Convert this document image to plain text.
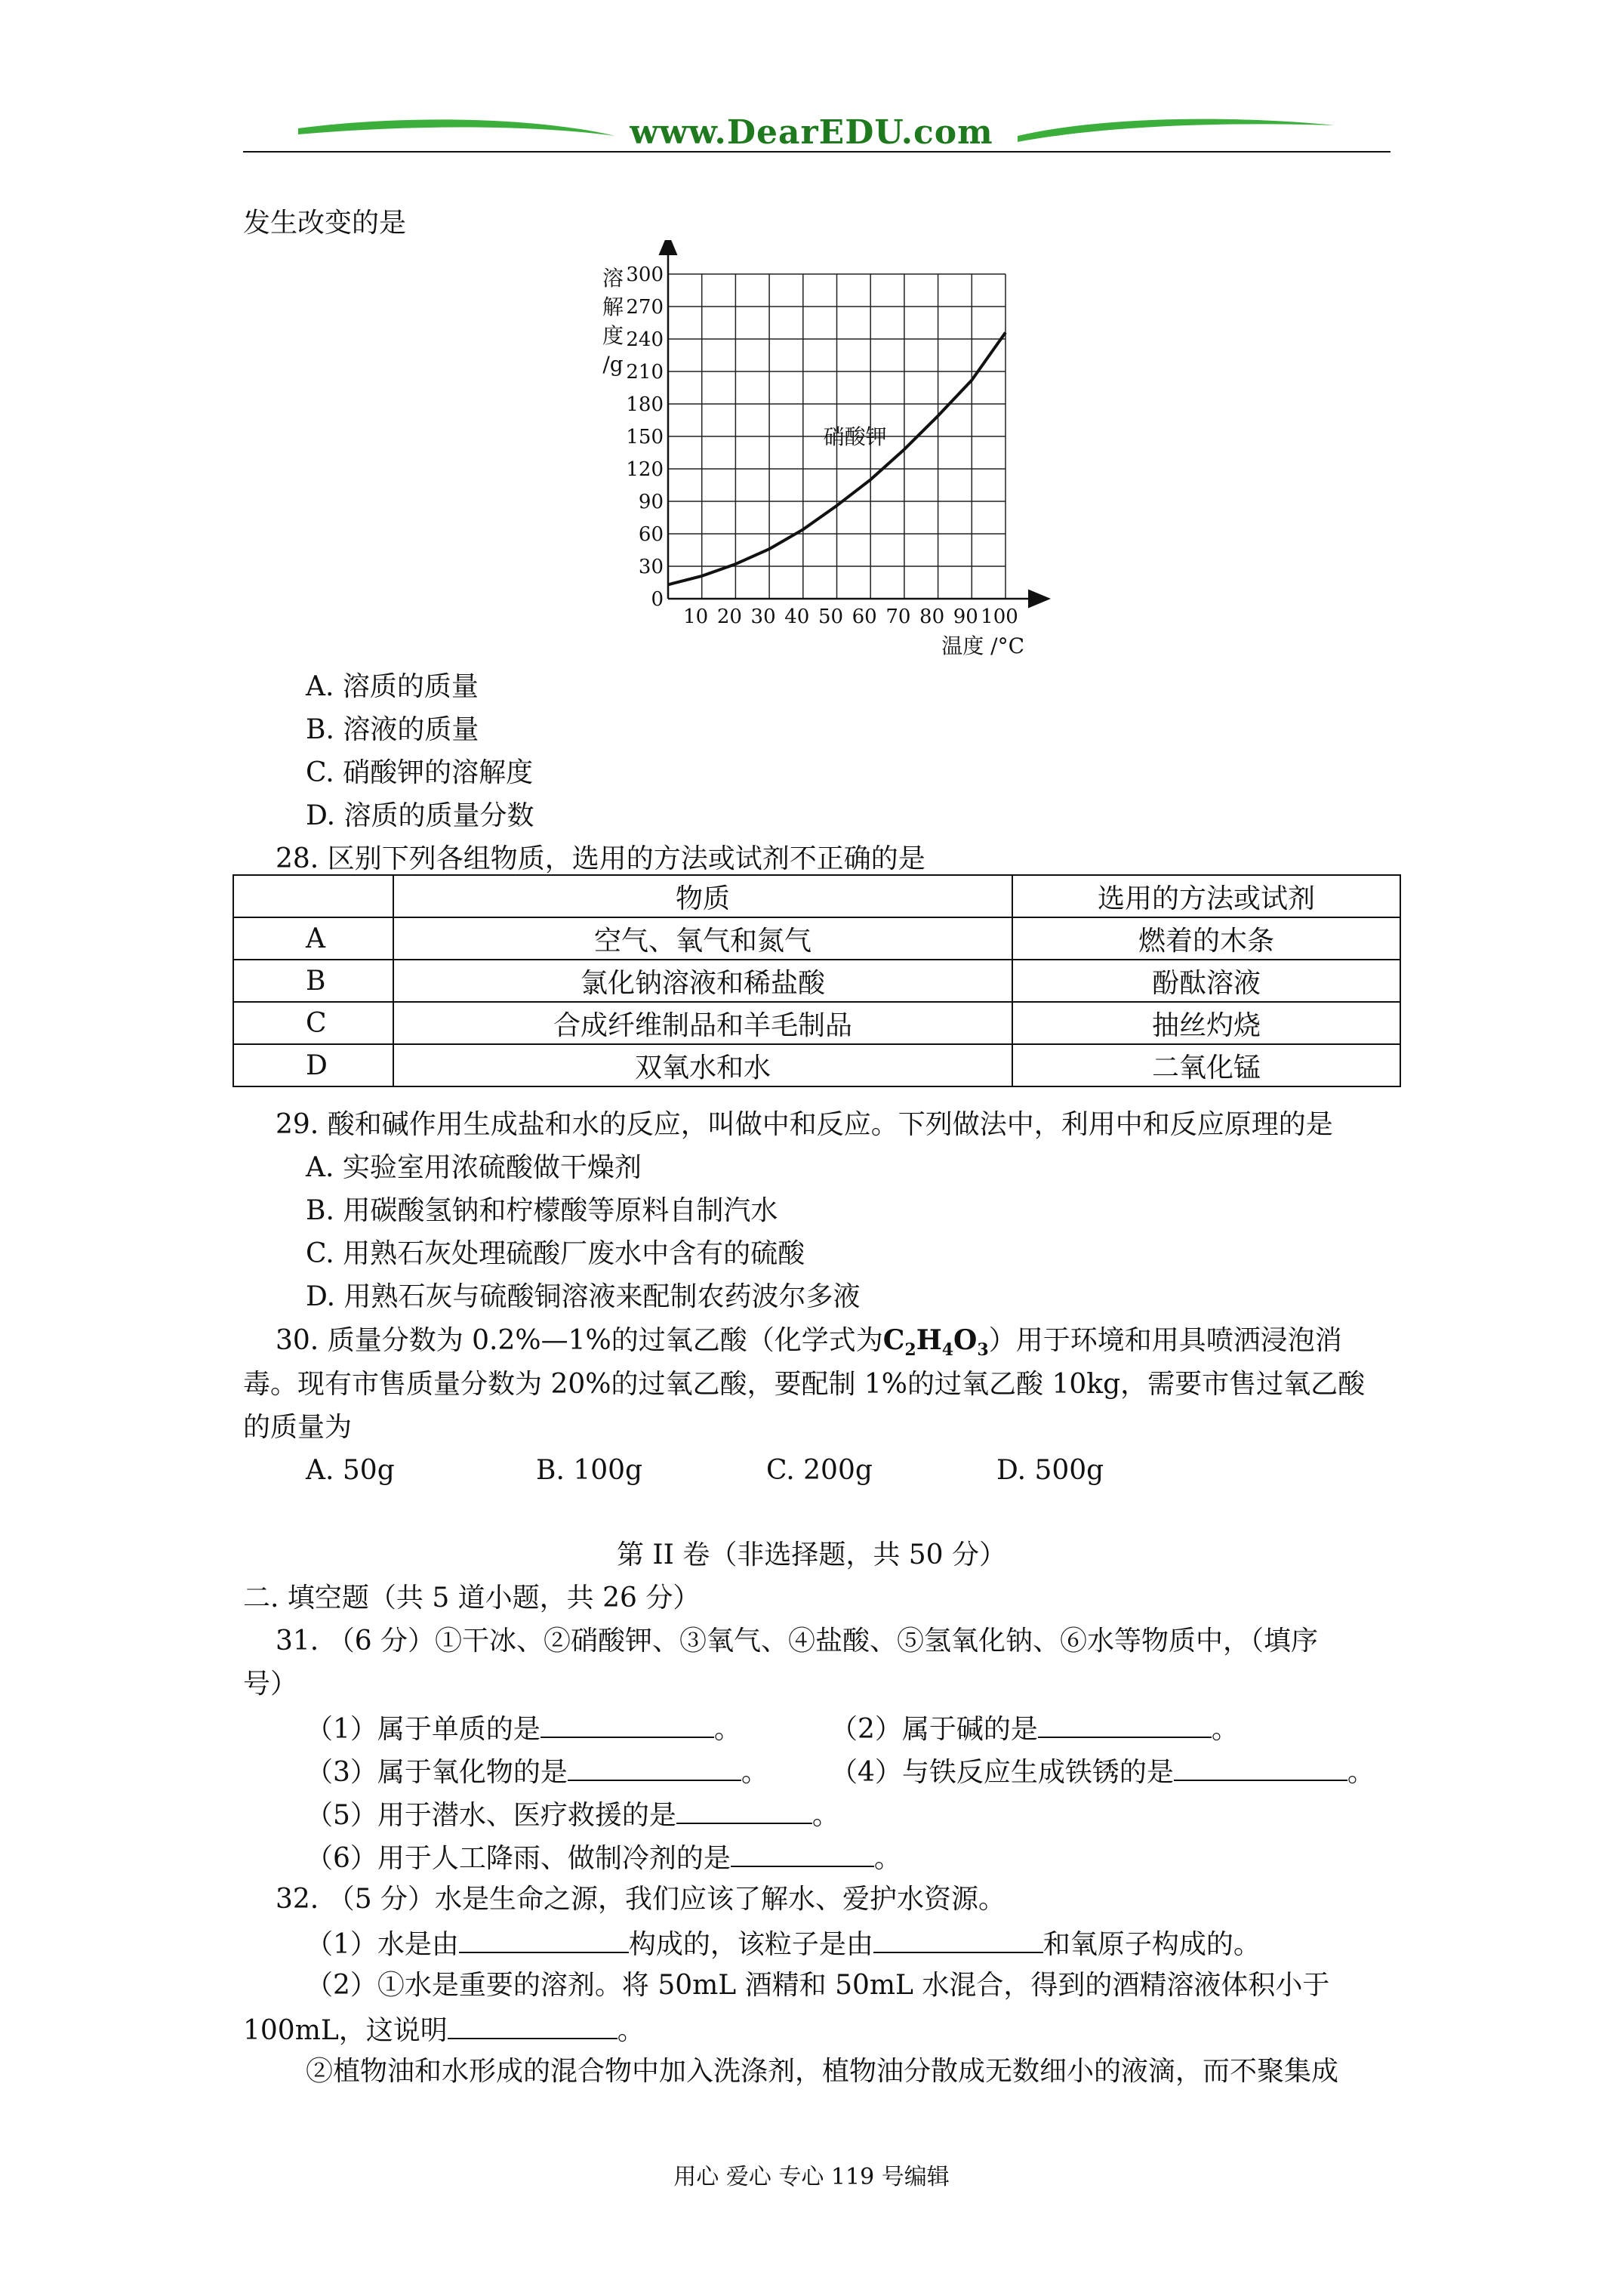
www.DearEDU.com
发生改变的是
0
30
60
90
120
150
180
210
240
270
300
10 20 30 40 50 60 70 80 90 100
溶
解
度
/g
温度 /°C
硝酸钾
A. 溶质的质量
B. 溶液的质量
C. 硝酸钾的溶解度
D. 溶质的质量分数
28. 区别下列各组物质，选用的方法或试剂不正确的是
	物质	选用的方法或试剂
A	空气、氧气和氮气	燃着的木条
B	氯化钠溶液和稀盐酸	酚酞溶液
C	合成纤维制品和羊毛制品	抽丝灼烧
D	双氧水和水	二氧化锰
29. 酸和碱作用生成盐和水的反应，叫做中和反应。下列做法中，利用中和反应原理的是
A. 实验室用浓硫酸做干燥剂
B. 用碳酸氢钠和柠檬酸等原料自制汽水
C. 用熟石灰处理硫酸厂废水中含有的硫酸
D. 用熟石灰与硫酸铜溶液来配制农药波尔多液
30. 质量分数为 0.2%—1%的过氧乙酸（化学式为$C_2H_4O_3$）用于环境和用具喷洒浸泡消
毒。现有市售质量分数为 20%的过氧乙酸，要配制 1%的过氧乙酸 10kg，需要市售过氧乙酸
的质量为
A. 50g	B. 100g	C. 200g	D. 500g
第 II 卷（非选择题，共 50 分）
二. 填空题（共 5 道小题，共 26 分）
31. （6 分）①干冰、②硝酸钾、③氧气、④盐酸、⑤氢氧化钠、⑥水等物质中，（填序
号）
（1）属于单质的是	。	（2）属于碱的是	。
（3）属于氧化物的是	。 （4）与铁反应生成铁锈的是	。
（5）用于潜水、医疗救援的是	。
（6）用于人工降雨、做制冷剂的是	。
32. （5 分）水是生命之源，我们应该了解水、爱护水资源。
（1）水是由	构成的，该粒子是由	和氧原子构成的。
（2）①水是重要的溶剂。将 50mL 酒精和 50mL 水混合，得到的酒精溶液体积小于
100mL，这说明	。
②植物油和水形成的混合物中加入洗涤剂，植物油分散成无数细小的液滴，而不聚集成
用心 爱心 专心 119 号编辑
